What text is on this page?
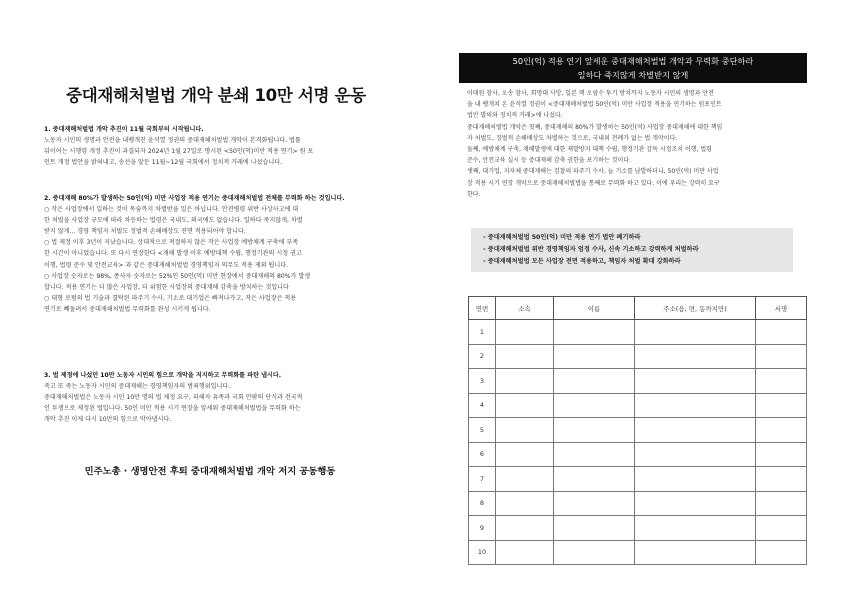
중대재해처벌법 개악 분쇄 10만 서명 운동

1. 중대재해처벌법 개악 추진이 11월 국회부터 시작됩니다.

노동자 시민의 생명과 안전을 내팽개친 윤석열 정권의 중대재해처벌법 개악이 본격화됩니다. 법률

뒤이어는 시행령 개정 추진이 과결되자 2024년 1월 27일로 명시된 <50인(억)미만 적용 연기> 원 포

인트 개정 법안을 밝혀내고, 송선을 앞둔 11월~12월 국회에서 정치적 거래에 나섰습니다.

2. 중대재해 80%가 발생하는 50인(억) 미만 사업장 적용 연기는 중대재해처벌법 전체를 무력화 하는 것입니다.

○ 작은 사업장에서 일하는 것이 목숨까지 차별받을 일은 아닙니다. 안전병령 위반 사상사고에 대

한 처벌을 사업장 규모에 따라 차등하는 법령은 국내도, 외국에도 없습니다. 일하다 죽지않게, 차별

받지 않게... 경영 책임자 처벌도 정벌적 손해배상도 전면 적용되어야 합니다.

○ 법 제정 이후 3년이 지났습니다. 상대적으로 적절하지 않은 작은 사업장 예방체계 구축에 부족

한 시간이 아니었습니다. 또 다시 연장한다 <재해 발생 이후 예방대책 수립, 행정기관의 시정 권고

이행, 법령 준수 및 안전교육> 과 같은 중대재해처벌법 경영책임자 의무도 적용 제외 됩니다.

○ 사업장 숫자로는 98%, 종사자 숫자로는 52%인 50인(억) 미만 현장에서 중대재해의 80%가 발생

합니다. 적용 연기는 더 많은 사업장, 더 위험한 사업장의 중대재해 감축을 방치하는 것입니다

○ 대형 로펌의 법 기술과 결탁된 파주기 수사, 기소로 대기업은 빠져나가고, 작은 사업장은 적용

연기로 빼돌려서 중대재해처벌법 무력화를 완성 시키게 됩니다.

3. 법 제정에 나섰던 10만 노동자 시민의 힘으로 개악을 저지하고 무력화를 파탄 냅시다.

죽고 또 죽는 노동자 시민의 중대재해는 경영책임자의 범죄행위입니다.

중대재해처벌법은 노동자 시민 10만 명의 법 제정 요구, 피해자 유족과 국회 안팎의 단식과 전국적

인 투쟁으로 제정된 법입니다. 50인 미만 적용 시기 연장을 앞세워 중대재해처벌법을 무력화 하는

개악 추진 이제 다시 10만의 힘으로 막아냅시다.

민주노총 · 생명안전 후퇴 중대재해처벌법 개악 저지 공동행동
50인(억) 적용 연기 앞세운 중대재해처벌법 개악과 무력화 중단하라
일하다 죽지않게 차별받지 않게

이태원 참사, 오송 참사, 회명대 사망, 일본 핵 오염수 투기 방치까지 노동자 시민의 생명과 안전

을 내 팽개쳐 온 윤석열 정권이 <중대재해처벌법 50인(억) 미만 사업장 적용을 연기하는 원포인트

법안 발의와 정치적 거래>에 나섰다.

중대재해처벌법 개악은 첫째, 중대재해의 80%가 발생하는 50인(억) 사업장 중대재해에 대한 책임

자 처벌도, 징벌적 손해배상도 차별하는 것으로, 국내외 전례가 없는 법 개악이다.

둘째, 예방체계 구축, 재해발생에 대한 재발방지 대책 수립, 행정기관 감독 시정조치 이행, 법령

준수, 안전교육 실시 등 중대재해 감축 권한을 포기하는 것이다.

셋째, 대기업, 지자체 중대재해는 검찰의 파주기 수사, 늘 기소를 남발하더니, 50인(억) 미만 사업

장 적용 시기 연장 개악으로 중대재해처벌법을 통째로 무력화 하고 있다. 이에 우리는 강력히 요구

한다.

- 중대재해처벌법 50인(억) 미만 적용 연기 법안 폐기하라
- 중대재해처벌법 위반 경영책임자 엄정 수사, 신속 기소하고 강력하게 처벌하라
- 중대재해처벌법 모든 사업장 전면 적용하고, 책임자 처벌 확대 강화하라
연번	소속	이름	주소(읍, 면, 동까지만)	서명
1				
2				
3				
4				
5				
6				
7				
8				
9				
10				
